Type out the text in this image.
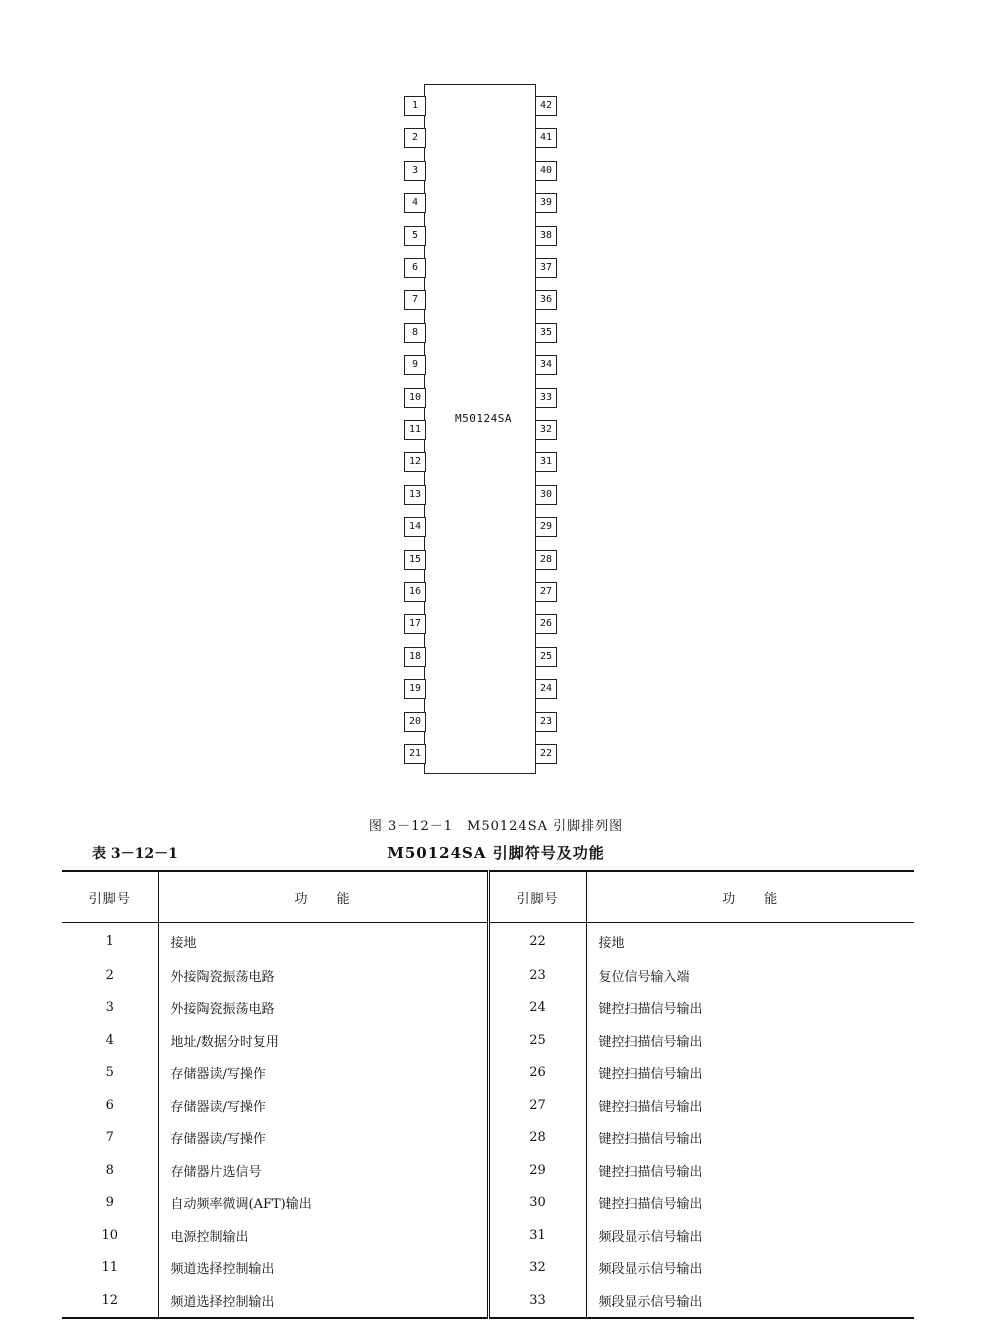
M50124SA
1
2
3
4
5
6
7
8
9
10
11
12
13
14
15
16
17
18
19
20
21
42
41
40
39
38
37
36
35
34
33
32
31
30
29
28
27
26
25
24
23
22
图 3－12－1　M50124SA 引脚排列图
表 3－12－1	M50124SA 引脚符号及功能
引脚号	功　　能	引脚号	功　　能
1	接地	22	接地
2	外接陶瓷振荡电路	23	复位信号输入端
3	外接陶瓷振荡电路	24	键控扫描信号输出
4	地址/数据分时复用	25	键控扫描信号输出
5	存储器读/写操作	26	键控扫描信号输出
6	存储器读/写操作	27	键控扫描信号输出
7	存储器读/写操作	28	键控扫描信号输出
8	存储器片选信号	29	键控扫描信号输出
9	自动频率微调(AFT)输出	30	键控扫描信号输出
10	电源控制输出	31	频段显示信号输出
11	频道选择控制输出	32	频段显示信号输出
12	频道选择控制输出	33	频段显示信号输出
